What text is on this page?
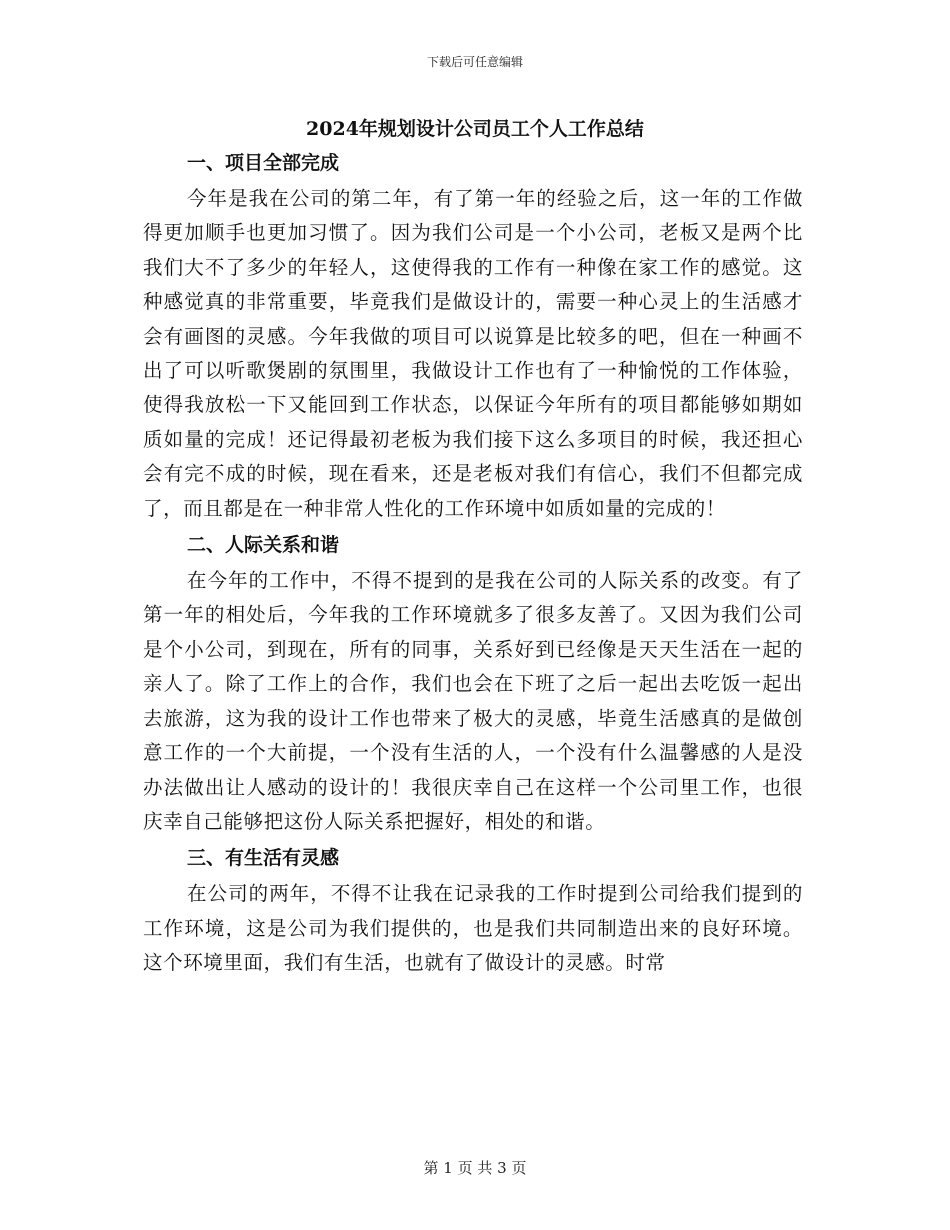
下载后可任意编辑
2024年规划设计公司员工个人工作总结
一、项目全部完成

今年是我在公司的第二年，有了第一年的经验之后，这一年的工作做得更加顺手也更加习惯了。因为我们公司是一个小公司，老板又是两个比我们大不了多少的年轻人，这使得我的工作有一种像在家工作的感觉。这种感觉真的非常重要，毕竟我们是做设计的，需要一种心灵上的生活感才会有画图的灵感。今年我做的项目可以说算是比较多的吧，但在一种画不出了可以听歌煲剧的氛围里，我做设计工作也有了一种愉悦的工作体验，使得我放松一下又能回到工作状态，以保证今年所有的项目都能够如期如质如量的完成！还记得最初老板为我们接下这么多项目的时候，我还担心会有完不成的时候，现在看来，还是老板对我们有信心，我们不但都完成了，而且都是在一种非常人性化的工作环境中如质如量的完成的！

二、人际关系和谐

在今年的工作中，不得不提到的是我在公司的人际关系的改变。有了第一年的相处后，今年我的工作环境就多了很多友善了。又因为我们公司是个小公司，到现在，所有的同事，关系好到已经像是天天生活在一起的亲人了。除了工作上的合作，我们也会在下班了之后一起出去吃饭一起出去旅游，这为我的设计工作也带来了极大的灵感，毕竟生活感真的是做创意工作的一个大前提，一个没有生活的人，一个没有什么温馨感的人是没办法做出让人感动的设计的！我很庆幸自己在这样一个公司里工作，也很庆幸自己能够把这份人际关系把握好，相处的和谐。

三、有生活有灵感

在公司的两年，不得不让我在记录我的工作时提到公司给我们提到的工作环境，这是公司为我们提供的，也是我们共同制造出来的良好环境。这个环境里面，我们有生活，也就有了做设计的灵感。时常

第 1 页 共 3 页
